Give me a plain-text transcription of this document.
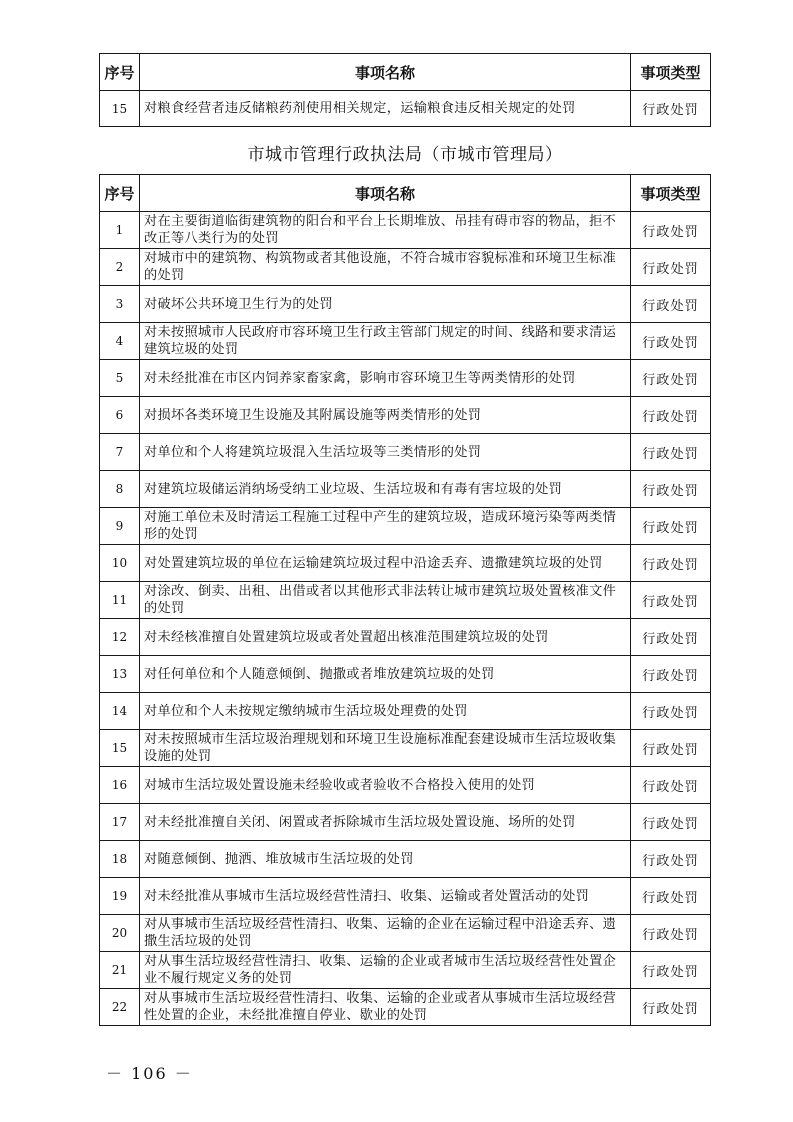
序号	事项名称	事项类型
15	对粮食经营者违反储粮药剂使用相关规定，运输粮食违反相关规定的处罚	行政处罚
市城市管理行政执法局（市城市管理局）
序号	事项名称	事项类型
1	对在主要街道临街建筑物的阳台和平台上长期堆放、吊挂有碍市容的物品，拒不改正等八类行为的处罚	行政处罚
2	对城市中的建筑物、构筑物或者其他设施，不符合城市容貌标准和环境卫生标准的处罚	行政处罚
3	对破坏公共环境卫生行为的处罚	行政处罚
4	对未按照城市人民政府市容环境卫生行政主管部门规定的时间、线路和要求清运建筑垃圾的处罚	行政处罚
5	对未经批准在市区内饲养家畜家禽，影响市容环境卫生等两类情形的处罚	行政处罚
6	对损坏各类环境卫生设施及其附属设施等两类情形的处罚	行政处罚
7	对单位和个人将建筑垃圾混入生活垃圾等三类情形的处罚	行政处罚
8	对建筑垃圾储运消纳场受纳工业垃圾、生活垃圾和有毒有害垃圾的处罚	行政处罚
9	对施工单位未及时清运工程施工过程中产生的建筑垃圾，造成环境污染等两类情形的处罚	行政处罚
10	对处置建筑垃圾的单位在运输建筑垃圾过程中沿途丢弃、遗撒建筑垃圾的处罚	行政处罚
11	对涂改、倒卖、出租、出借或者以其他形式非法转让城市建筑垃圾处置核准文件的处罚	行政处罚
12	对未经核准擅自处置建筑垃圾或者处置超出核准范围建筑垃圾的处罚	行政处罚
13	对任何单位和个人随意倾倒、抛撒或者堆放建筑垃圾的处罚	行政处罚
14	对单位和个人未按规定缴纳城市生活垃圾处理费的处罚	行政处罚
15	对未按照城市生活垃圾治理规划和环境卫生设施标准配套建设城市生活垃圾收集设施的处罚	行政处罚
16	对城市生活垃圾处置设施未经验收或者验收不合格投入使用的处罚	行政处罚
17	对未经批准擅自关闭、闲置或者拆除城市生活垃圾处置设施、场所的处罚	行政处罚
18	对随意倾倒、抛洒、堆放城市生活垃圾的处罚	行政处罚
19	对未经批准从事城市生活垃圾经营性清扫、收集、运输或者处置活动的处罚	行政处罚
20	对从事城市生活垃圾经营性清扫、收集、运输的企业在运输过程中沿途丢弃、遗撒生活垃圾的处罚	行政处罚
21	对从事生活垃圾经营性清扫、收集、运输的企业或者城市生活垃圾经营性处置企业不履行规定义务的处罚	行政处罚
22	对从事城市生活垃圾经营性清扫、收集、运输的企业或者从事城市生活垃圾经营性处置的企业，未经批准擅自停业、歇业的处罚	行政处罚
－ 106 －
